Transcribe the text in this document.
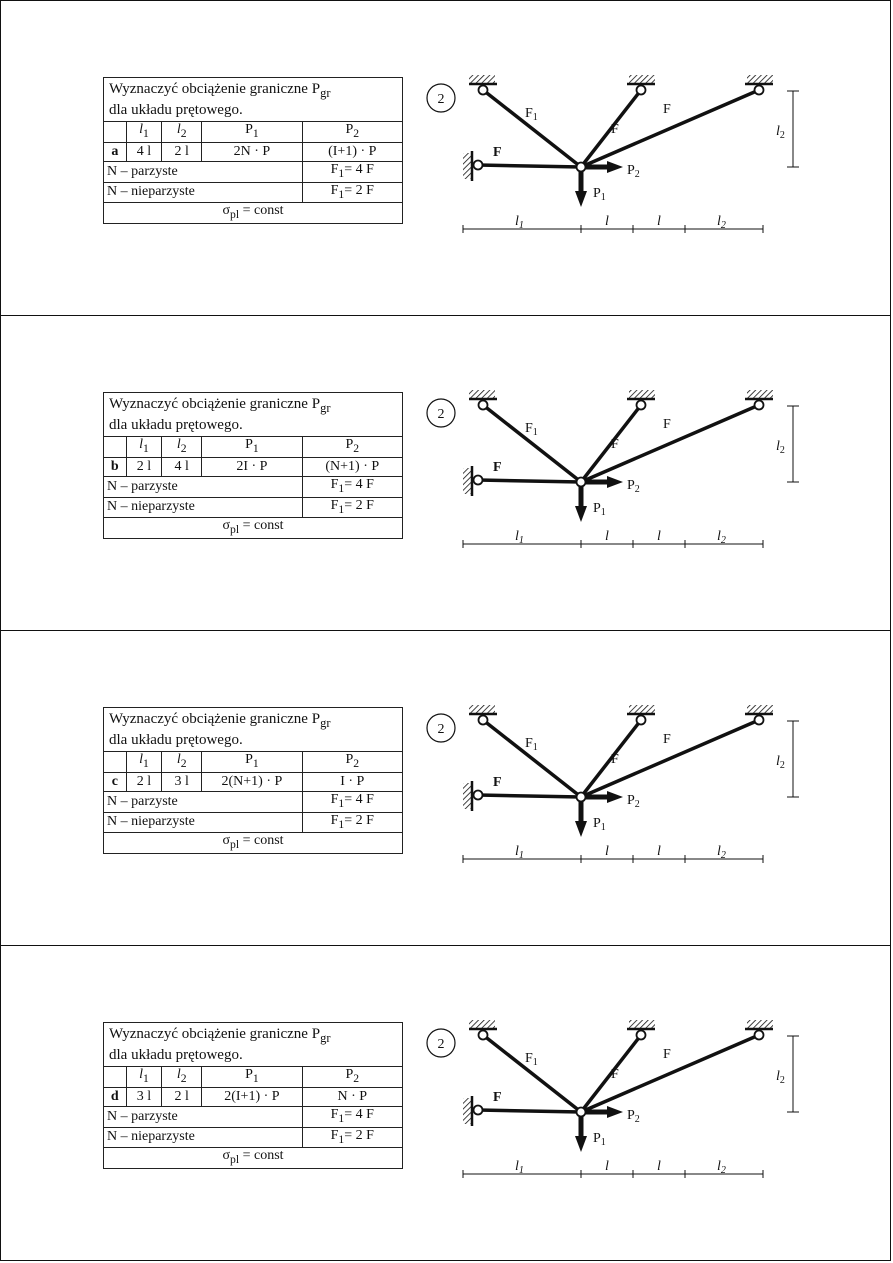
Wyznaczyć obciążenie graniczne $P_{gr}$
dla układu prętowego.				
	$l_1$	$l_2$	$P_1$	$P_2$
a	4 l	2 l	2N · P	(I+1) · P
N – parzyste				$F_1= 4$ F
N – nieparzyste				$F_1= 2$ F
$\sigma_{pl}$ = const				
2
$F_1$
F
F
F
$P_2$
$P_1$
$l_2$
$l_1$	l	l	$l_2$
Wyznaczyć obciążenie graniczne $P_{gr}$
dla układu prętowego.				
	$l_1$	$l_2$	$P_1$	$P_2$
b	2 l	4 l	2I · P	(N+1) · P
N – parzyste				$F_1= 4$ F
N – nieparzyste				$F_1= 2$ F
$\sigma_{pl}$ = const				
2
$F_1$
F
F
F
$P_2$
$P_1$
$l_2$
$l_1$	l	l	$l_2$
Wyznaczyć obciążenie graniczne $P_{gr}$
dla układu prętowego.				
	$l_1$	$l_2$	$P_1$	$P_2$
c	2 l	3 l	2(N+1) · P	I · P
N – parzyste				$F_1= 4$ F
N – nieparzyste				$F_1= 2$ F
$\sigma_{pl}$ = const				
2
$F_1$
F
F
F
$P_2$
$P_1$
$l_2$
$l_1$	l	l	$l_2$
Wyznaczyć obciążenie graniczne $P_{gr}$
dla układu prętowego.				
	$l_1$	$l_2$	$P_1$	$P_2$
d	3 l	2 l	2(I+1) · P	N · P
N – parzyste				$F_1= 4$ F
N – nieparzyste				$F_1= 2$ F
$\sigma_{pl}$ = const				
2
$F_1$
F
F
F
$P_2$
$P_1$
$l_2$
$l_1$	l	l	$l_2$
